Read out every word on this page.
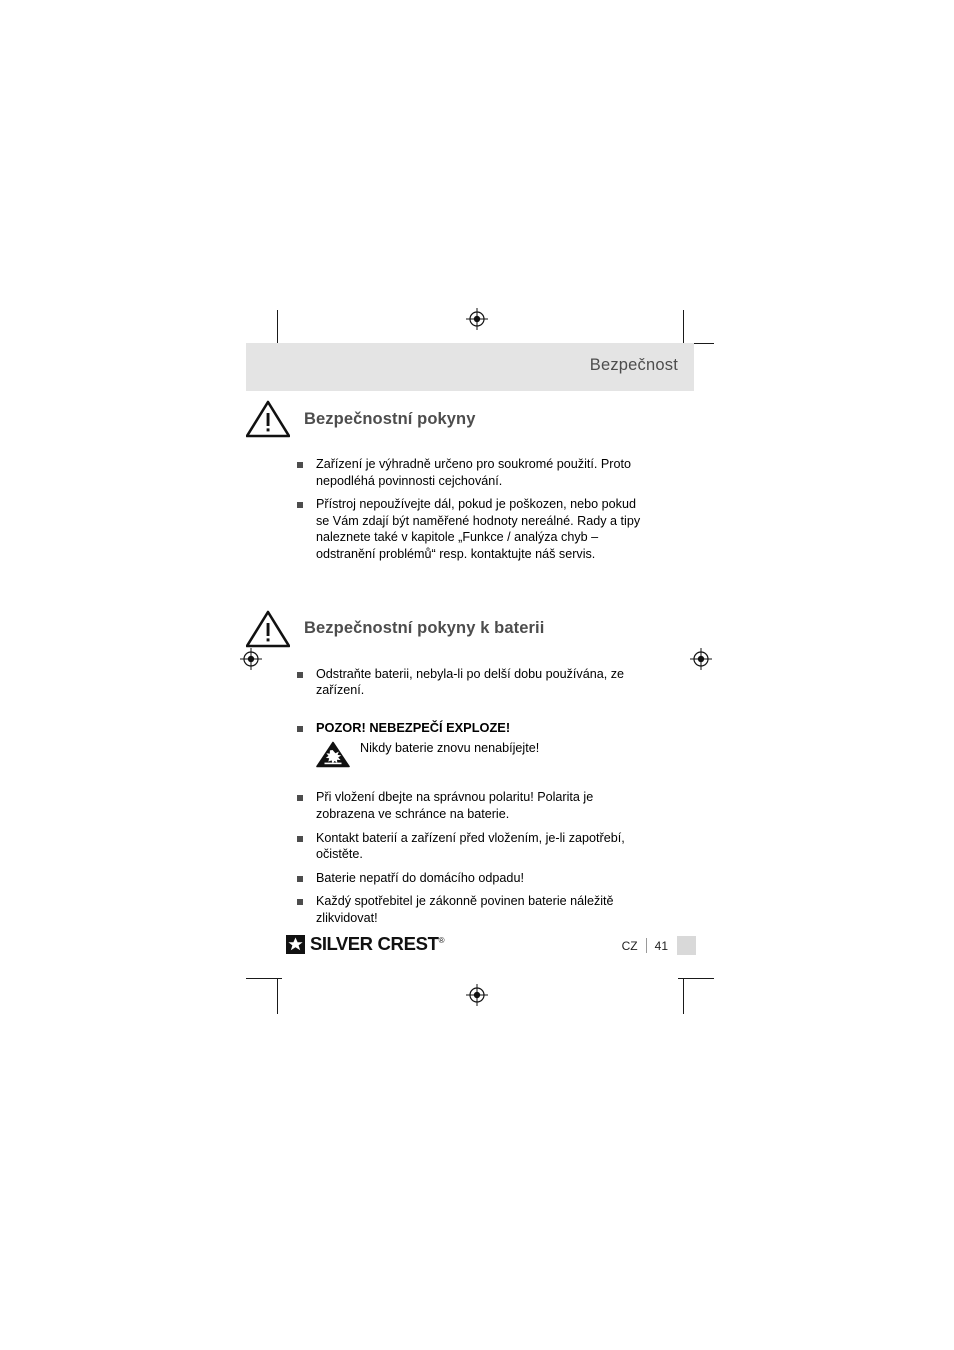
Bezpečnost
Bezpečnostní pokyny
Zařízení je výhradně určeno pro soukromé použití. Proto nepodléhá povinnosti cejchování.
Přístroj nepoužívejte dál, pokud je poškozen, nebo pokud se Vám zdají být naměřené hodnoty nereálné. Rady a tipy naleznete také v kapitole „Funkce / analýza chyb – odstranění problémů“ resp. kontaktujte náš servis.
Bezpečnostní pokyny k baterii
Odstraňte baterii, nebyla-li po delší dobu používána, ze zařízení.
POZOR! NEBEZPEČÍ EXPLOZE!
Nikdy baterie znovu nenabíjejte!
Při vložení dbejte na správnou polaritu! Polarita je zobrazena ve schránce na baterie.
Kontakt baterií a zařízení před vložením, je-li zapotřebí, očistěte.
Baterie nepatří do domácího odpadu!
Každý spotřebitel je zákonně povinen baterie náležitě zlikvidovat!
SILVER CREST®	CZ	41
